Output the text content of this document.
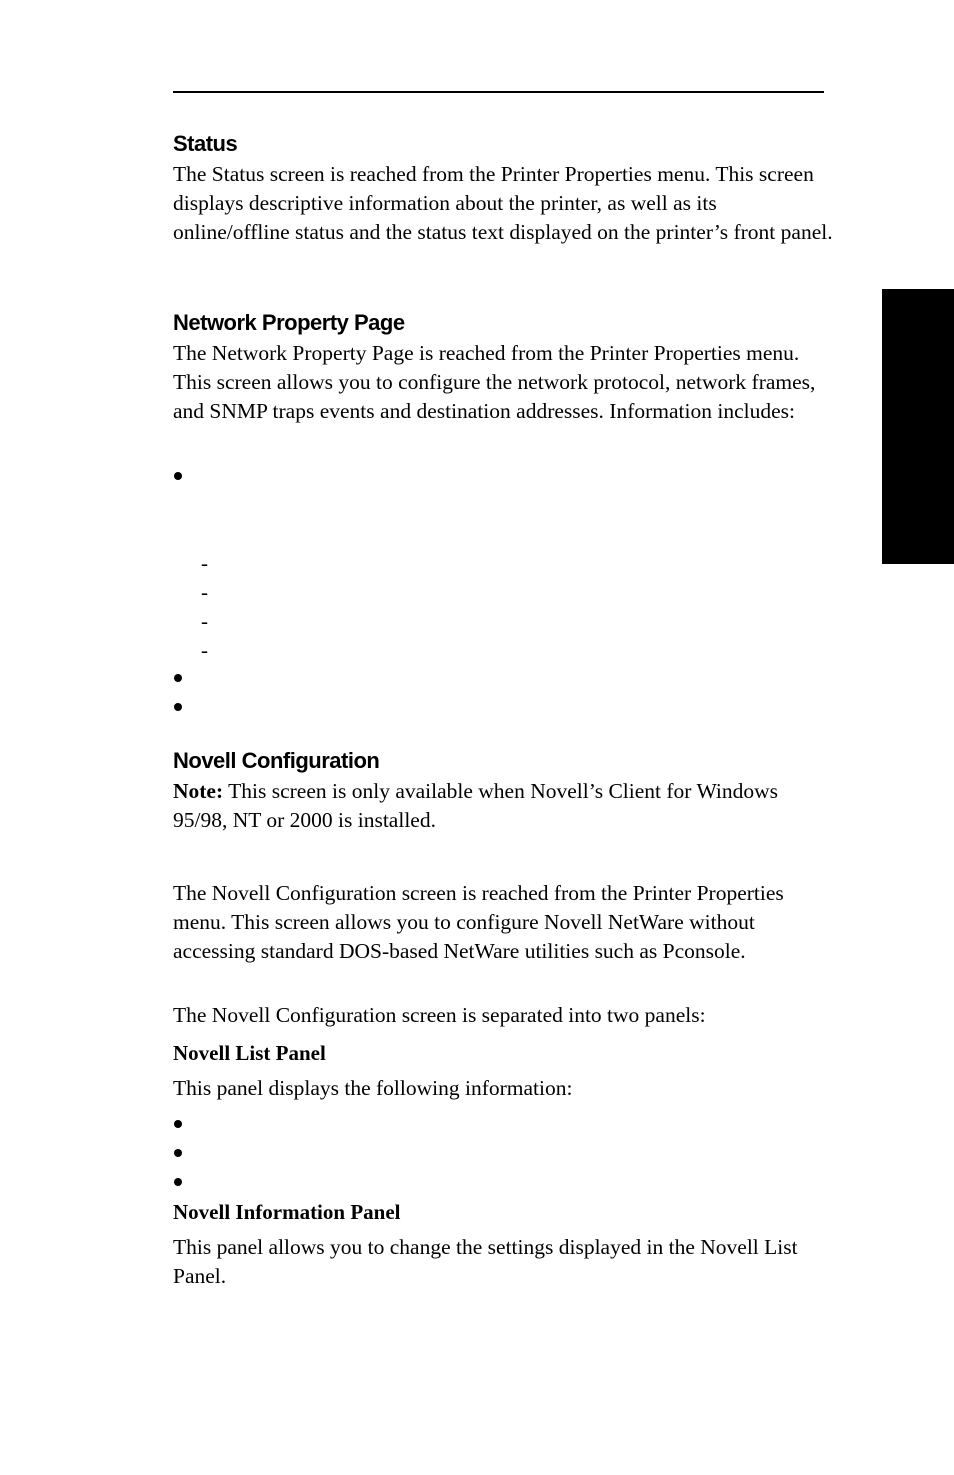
Status

The Status screen is reached from the Printer Properties menu. This screen displays descriptive information about the printer, as well as its online/offline status and the status text displayed on the printer’s front panel.

Network Property Page

The Network Property Page is reached from the Printer Properties menu. This screen allows you to configure the network protocol, network frames, and SNMP traps events and destination addresses. Information includes:

-
-
-
-
Novell Configuration

Note: This screen is only available when Novell’s Client for Windows 95/98, NT or 2000 is installed.

The Novell Configuration screen is reached from the Printer Properties menu. This screen allows you to configure Novell NetWare without accessing standard DOS-based NetWare utilities such as Pconsole.

The Novell Configuration screen is separated into two panels:

Novell List Panel

This panel displays the following information:

Novell Information Panel

This panel allows you to change the settings displayed in the Novell List Panel.
